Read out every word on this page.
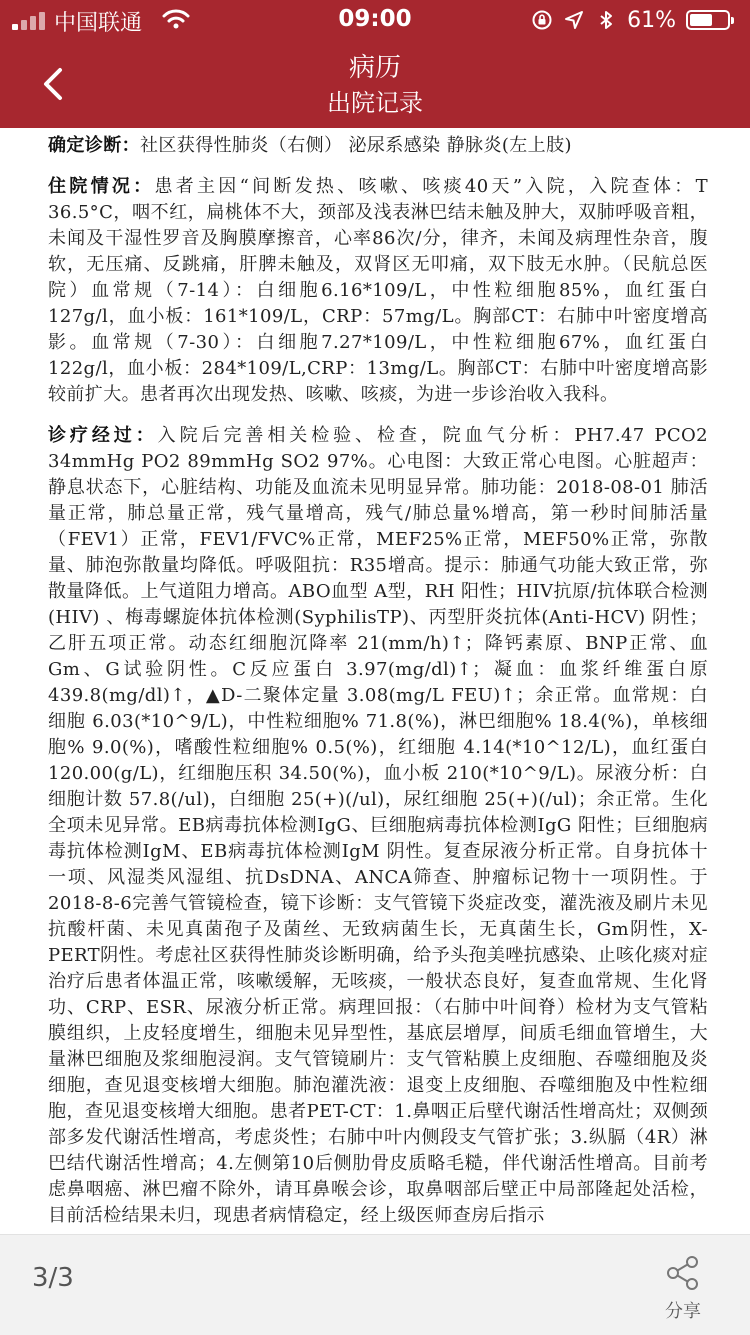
中国联通	09:00	61%
病历
出院记录

确定诊断：社区获得性肺炎（右侧） 泌尿系感染 静脉炎(左上肢)

住院情况：患者主因“间断发热、咳嗽、咳痰40天”入院，入院查体：T 36.5°C，咽不红，扁桃体不大，颈部及浅表淋巴结未触及肿大，双肺呼吸音粗，未闻及干湿性罗音及胸膜摩擦音，心率86次/分，律齐，未闻及病理性杂音，腹软，无压痛、反跳痛，肝脾未触及，双肾区无叩痛，双下肢无水肿。（民航总医院）血常规（7-14）：白细胞6.16*109/L，中性粒细胞85%，血红蛋白127g/l，血小板：161*109/L，CRP：57mg/L。胸部CT：右肺中叶密度增高影。血常规（7-30）：白细胞7.27*109/L，中性粒细胞67%，血红蛋白122g/l，血小板：284*109/L,CRP：13mg/L。胸部CT：右肺中叶密度增高影较前扩大。患者再次出现发热、咳嗽、咳痰，为进一步诊治收入我科。

诊疗经过：入院后完善相关检验、检查，院血气分析：PH7.47 PCO2 34mmHg PO2 89mmHg SO2 97%。心电图：大致正常心电图。心脏超声：静息状态下，心脏结构、功能及血流未见明显异常。肺功能：2018-08-01 肺活量正常，肺总量正常，残气量增高，残气/肺总量%增高，第一秒时间肺活量（FEV1）正常，FEV1/FVC%正常，MEF25%正常，MEF50%正常，弥散量、肺泡弥散量均降低。呼吸阻抗：R35增高。提示：肺通气功能大致正常，弥散量降低。上气道阻力增高。ABO血型 A型，RH 阳性；HIV抗原/抗体联合检测(HIV) 、梅毒螺旋体抗体检测(SyphilisTP)、丙型肝炎抗体(Anti-HCV) 阴性；乙肝五项正常。动态红细胞沉降率 21(mm/h)↑；降钙素原、BNP正常、血Gm、G试验阴性。C反应蛋白 3.97(mg/dl)↑；凝血：血浆纤维蛋白原 439.8(mg/dl)↑，▲D-二聚体定量 3.08(mg/L FEU)↑；余正常。血常规：白细胞 6.03(*10^9/L)，中性粒细胞% 71.8(%)，淋巴细胞% 18.4(%)，单核细胞% 9.0(%)，嗜酸性粒细胞% 0.5(%)，红细胞 4.14(*10^12/L)，血红蛋白 120.00(g/L)，红细胞压积 34.50(%)，血小板 210(*10^9/L)。尿液分析：白细胞计数 57.8(/ul)，白细胞 25(+)(/ul)，尿红细胞 25(+)(/ul)；余正常。生化全项未见异常。EB病毒抗体检测IgG、巨细胞病毒抗体检测IgG 阳性；巨细胞病毒抗体检测IgM、EB病毒抗体检测IgM 阴性。复查尿液分析正常。自身抗体十一项、风湿类风湿组、抗DsDNA、ANCA筛查、肿瘤标记物十一项阴性。于2018-8-6完善气管镜检查，镜下诊断：支气管镜下炎症改变，灌洗液及刷片未见抗酸杆菌、未见真菌孢子及菌丝、无致病菌生长，无真菌生长，Gm阴性，X-PERT阴性。考虑社区获得性肺炎诊断明确，给予头孢美唑抗感染、止咳化痰对症治疗后患者体温正常，咳嗽缓解，无咳痰，一般状态良好，复查血常规、生化肾功、CRP、ESR、尿液分析正常。病理回报：（右肺中叶间脊）检材为支气管粘膜组织，上皮轻度增生，细胞未见异型性，基底层增厚，间质毛细血管增生，大量淋巴细胞及浆细胞浸润。支气管镜刷片：支气管粘膜上皮细胞、吞噬细胞及炎细胞，查见退变核增大细胞。肺泡灌洗液：退变上皮细胞、吞噬细胞及中性粒细胞，查见退变核增大细胞。患者PET-CT：1.鼻咽正后壁代谢活性增高灶；双侧颈部多发代谢活性增高，考虑炎性；右肺中叶内侧段支气管扩张；3.纵膈（4R）淋巴结代谢活性增高；4.左侧第10后侧肋骨皮质略毛糙，伴代谢活性增高。目前考虑鼻咽癌、淋巴瘤不除外，请耳鼻喉会诊，取鼻咽部后壁正中局部隆起处活检，目前活检结果未归，现患者病情稳定，经上级医师查房后指示

3/3
分享
